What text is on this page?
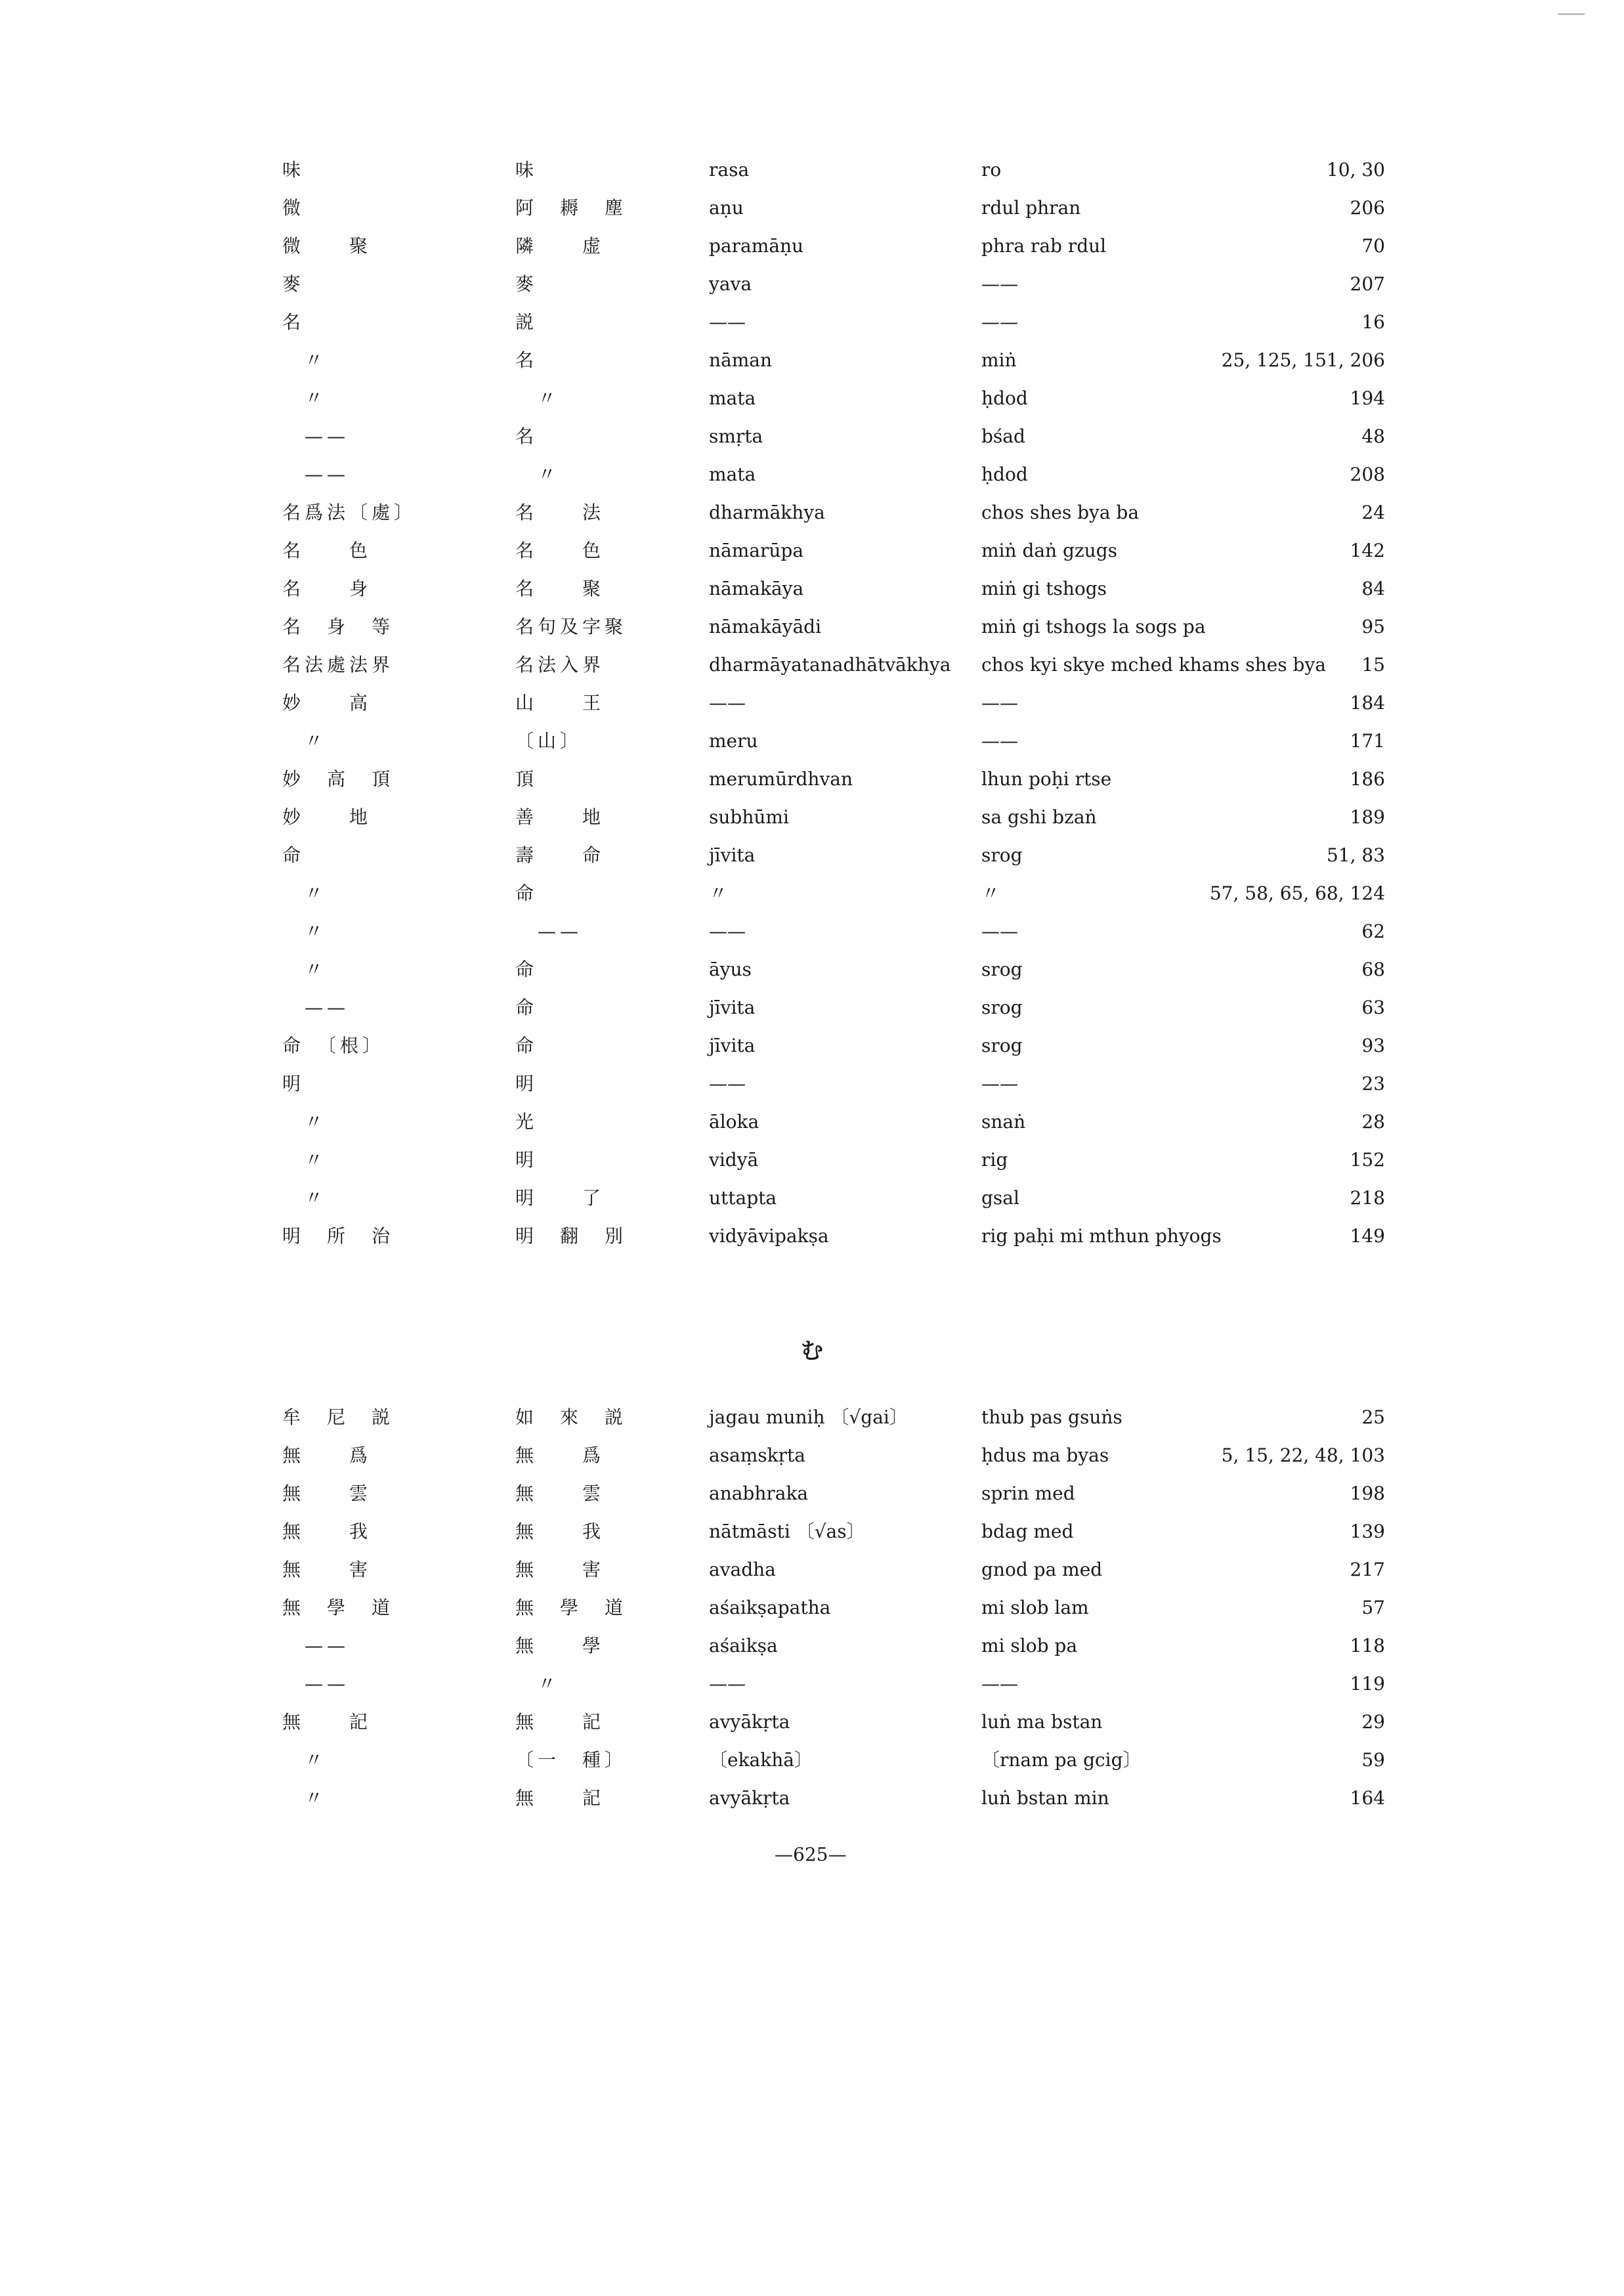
味	味	rasa	ro	10, 30
微	阿　耨　塵	aṇu	rdul phran	206
微　　聚	隣　　虚	paramāṇu	phra rab rdul	70
麥	麥	yava	——	207
名	説	——	——	16
　〃	名	nāman	miṅ	25, 125, 151, 206
　〃	　〃	mata	ḥdod	194
　——	名	smṛta	bśad	48
　——	　〃	mata	ḥdod	208
名爲法〔處〕	名　　法	dharmākhya	chos shes bya ba	24
名　　色	名　　色	nāmarūpa	miṅ daṅ gzugs	142
名　　身	名　　聚	nāmakāya	miṅ gi tshogs	84
名　身　等	名句及字聚	nāmakāyādi	miṅ gi tshogs la sogs pa	95
名法處法界	名法入界	dharmāyatanadhātvākhya	chos kyi skye mched khams shes bya 15
妙　　高	山　　王	——	——	184
　〃	〔山〕	meru	——	171
妙　高　頂	頂	merumūrdhvan	lhun poḥi rtse	186
妙　　地	善　　地	subhūmi	sa gshi bzaṅ	189
命	壽　　命	jīvita	srog	51, 83
　〃	命	〃	〃	57, 58, 65, 68, 124
　〃	　——	——	——	62
　〃	命	āyus	srog	68
　——	命	jīvita	srog	63
命　〔根〕	命	jīvita	srog	93
明	明	——	——	23
　〃	光	āloka	snaṅ	28
　〃	明	vidyā	rig	152
　〃	明　　了	uttapta	gsal	218
明　所　治	明　翻　別	vidyāvipakṣa	rig paḥi mi mthun phyogs	149
む
牟　尼　説	如　來　説	jagau muniḥ 〔√gai〕	thub pas gsuṅs	25
無　　爲	無　　爲	asaṃskṛta	ḥdus ma byas	5, 15, 22, 48, 103
無　　雲	無　　雲	anabhraka	sprin med	198
無　　我	無　　我	nātmāsti 〔√as〕	bdag med	139
無　　害	無　　害	avadha	gnod pa med	217
無　學　道	無　學　道	aśaikṣapatha	mi slob lam	57
　——	無　　學	aśaikṣa	mi slob pa	118
　——	　〃	——	——	119
無　　記	無　　記	avyākṛta	luṅ ma bstan	29
　〃	〔一　種〕	〔ekakhā〕	〔rnam pa gcig〕	59
　〃	無　　記	avyākṛta	luṅ bstan min	164
—625—
